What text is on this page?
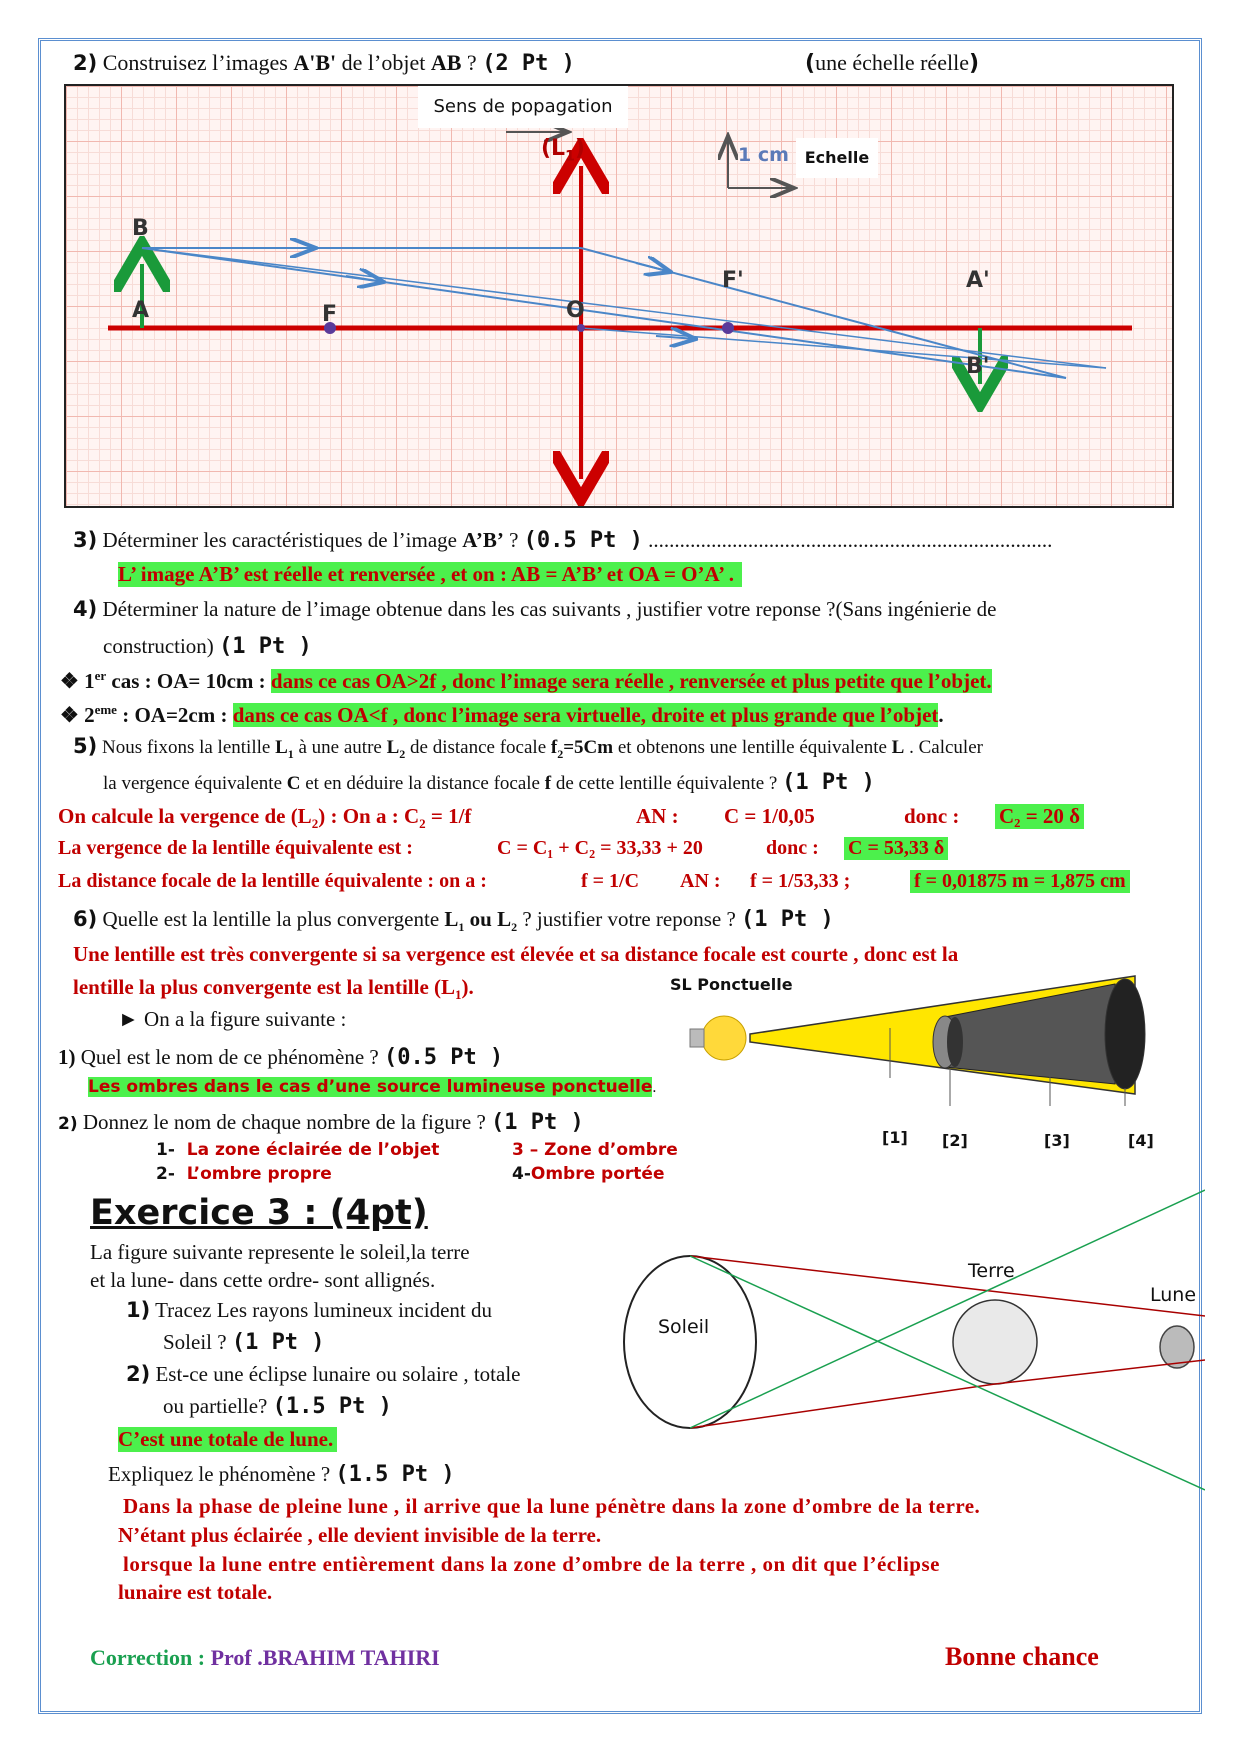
2) Construisez l’images A'B' de l’objet AB ? (2 Pt )	(une échelle réelle)
Sens de popagation
$(L_1)$	1 cm Echelle
B
A	F	O
F'	A'
B'
3) Déterminer les caractéristiques de l’image A’B’ ? (0.5 Pt ) .............................................................................
L’ image A’B’ est réelle et renversée , et on : AB = A’B’ et OA = O’A’ .
4) Déterminer la nature de l’image obtenue dans les cas suivants , justifier votre reponse ?(Sans ingénierie de
construction) (1 Pt )
❖ 1er cas : OA= 10cm : dans ce cas OA>2f , donc l’image sera réelle , renversée et plus petite que l’objet.
❖ 2eme : OA=2cm : dans ce cas OA<f , donc l’image sera virtuelle, droite et plus grande que l’objet.
5) Nous fixons la lentille $L_1$ à une autre $L_2$ de distance focale $f_2=5Cm$ et obtenons une lentille équivalente L . Calculer
la vergence équivalente C et en déduire la distance focale f de cette lentille équivalente ? (1 Pt )
On calcule la vergence de $(L_2)$ : On a : $C_2 = 1/f$	AN : C = 1/0,05	donc : C₂ = 20 δ
La vergence de la lentille équivalente est :	C = C₁ + C₂ = 33,33 + 20	donc : C = 53,33 δ
La distance focale de la lentille équivalente : on a :	f = 1/C AN : f = 1/53,33 ;	f = 0,01875 m = 1,875 cm
6) Quelle est la lentille la plus convergente $L_1$ ou $L_2$ ? justifier votre reponse ? (1 Pt )
Une lentille est très convergente si sa vergence est élevée et sa distance focale est courte , donc est la
lentille la plus convergente est la lentille $(L_1)$.
► On a la figure suivante :
SL Ponctuelle
[1] [2]	[3]	[4]
1) Quel est le nom de ce phénomène ? (0.5 Pt )
Les ombres dans le cas d’une source lumineuse ponctuelle.
2) Donnez le nom de chaque nombre de la figure ? (1 Pt )
1- La zone éclairée de l’objet
2- L’ombre propre
3 – Zone d’ombre
4-Ombre portée
Exercice 3 : (4pt)
La figure suivante represente le soleil,la terre
et la lune- dans cette ordre- sont allignés.
1) Tracez Les rayons lumineux incident du
Soleil ? (1 Pt )
2) Est-ce une éclipse lunaire ou solaire , totale
ou partielle? (1.5 Pt )
C’est une totale de lune.
Expliquez le phénomène ? (1.5 Pt )
Soleil
Terre
Lune
Dans la phase de pleine lune , il arrive que la lune pénètre dans la zone d’ombre de la terre.
N’étant plus éclairée , elle devient invisible de la terre.
lorsque la lune entre entièrement dans la zone d’ombre de la terre , on dit que l’éclipse
lunaire est totale.
Correction : Prof .BRAHIM TAHIRI	Bonne chance
